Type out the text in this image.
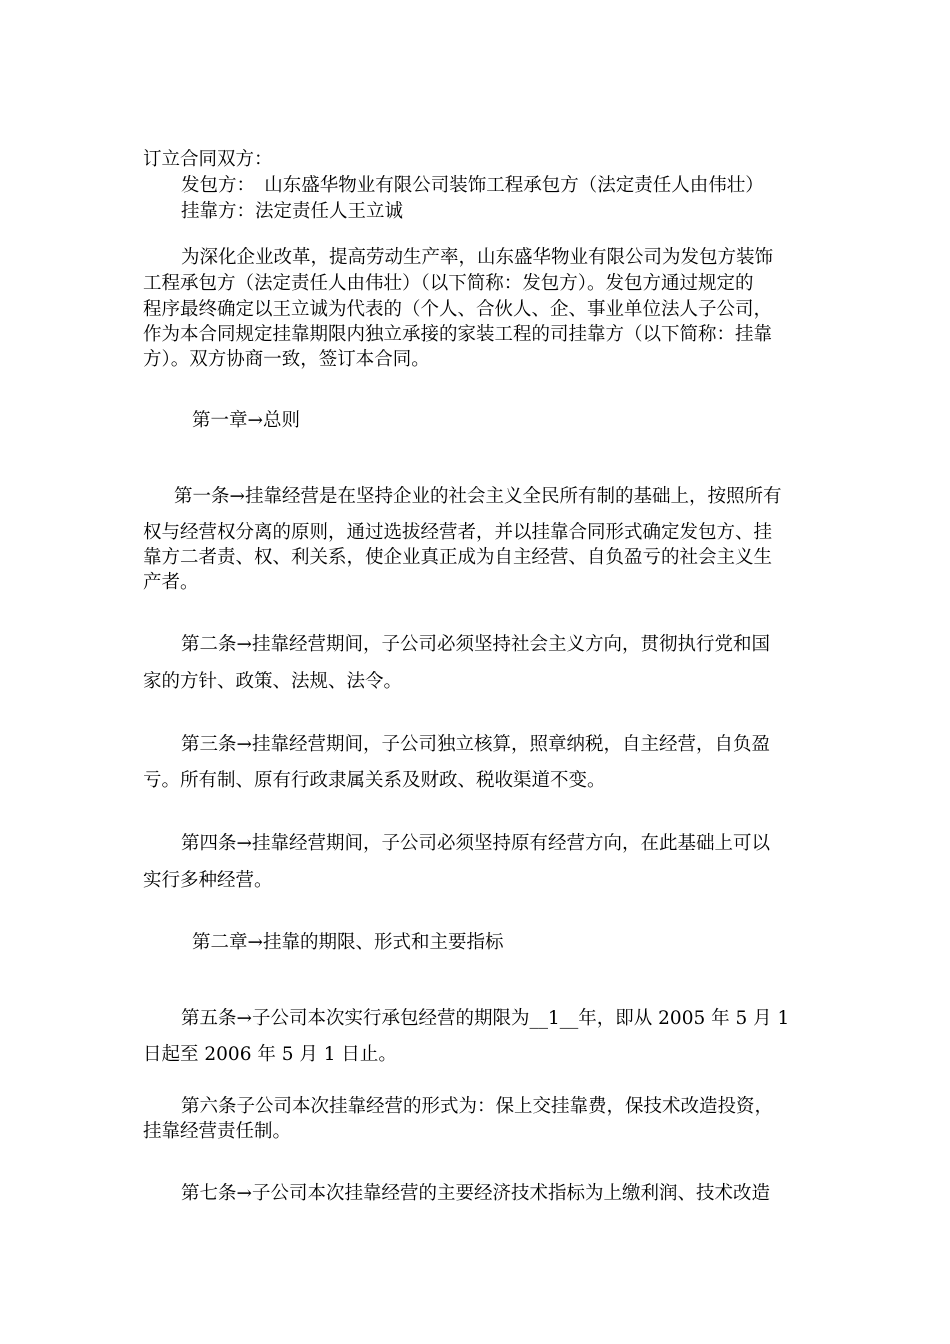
订立合同双方：

发包方：　山东盛华物业有限公司装饰工程承包方（法定责任人由伟壮）

挂靠方：法定责任人王立诚

为深化企业改革，提高劳动生产率，山东盛华物业有限公司为发包方装饰

工程承包方（法定责任人由伟壮）（以下简称：发包方）。发包方通过规定的

程序最终确定以王立诚为代表的（个人、合伙人、企、事业单位法人子公司，

作为本合同规定挂靠期限内独立承接的家装工程的司挂靠方（以下简称：挂靠

方）。双方协商一致，签订本合同。

第一章→总则

第一条→挂靠经营是在坚持企业的社会主义全民所有制的基础上，按照所有

权与经营权分离的原则，通过选拔经营者，并以挂靠合同形式确定发包方、挂

靠方二者责、权、利关系，使企业真正成为自主经营、自负盈亏的社会主义生

产者。

第二条→挂靠经营期间，子公司必须坚持社会主义方向，贯彻执行党和国

家的方针、政策、法规、法令。

第三条→挂靠经营期间，子公司独立核算，照章纳税，自主经营，自负盈

亏。所有制、原有行政隶属关系及财政、税收渠道不变。

第四条→挂靠经营期间，子公司必须坚持原有经营方向，在此基础上可以

实行多种经营。

第二章→挂靠的期限、形式和主要指标

第五条→子公司本次实行承包经营的期限为__1__年，即从 2005 年 5 月 1

日起至 2006 年 5 月 1 日止。

第六条子公司本次挂靠经营的形式为：保上交挂靠费，保技术改造投资，

挂靠经营责任制。

第七条→子公司本次挂靠经营的主要经济技术指标为上缴利润、技术改造
